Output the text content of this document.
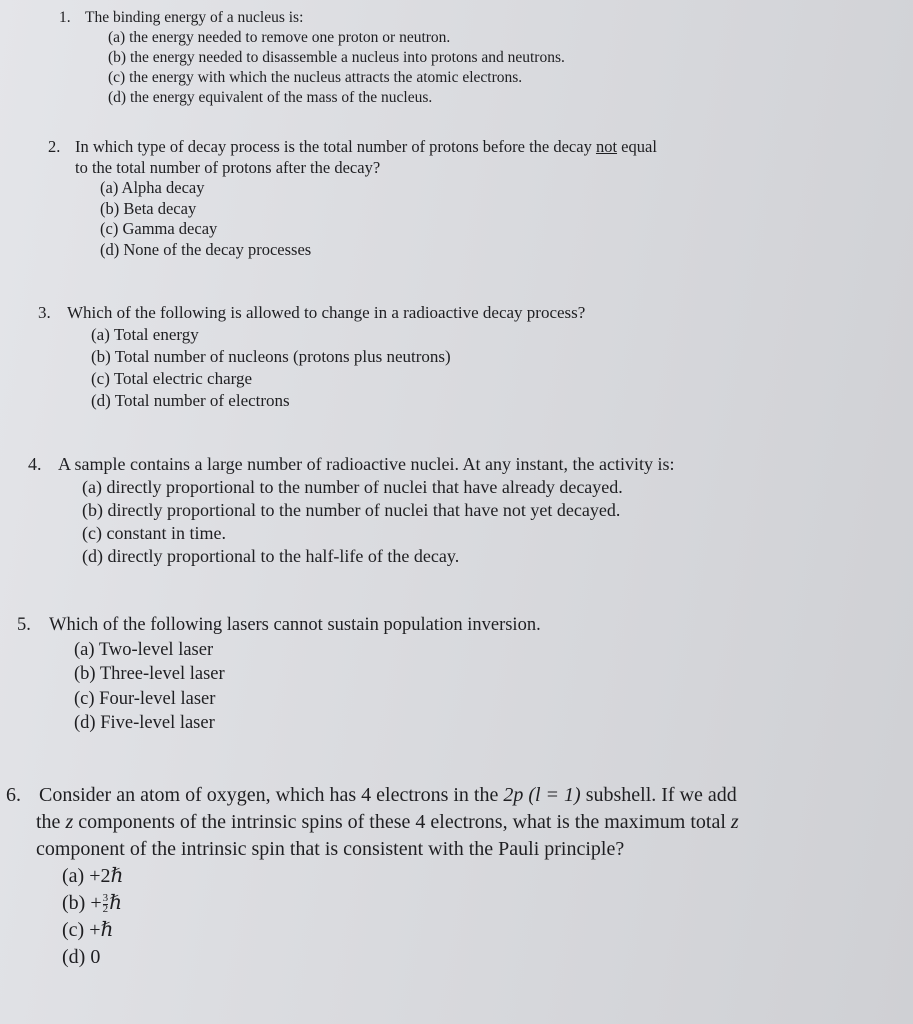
1. The binding energy of a nucleus is:
(a) the energy needed to remove one proton or neutron.
(b) the energy needed to disassemble a nucleus into protons and neutrons.
(c) the energy with which the nucleus attracts the atomic electrons.
(d) the energy equivalent of the mass of the nucleus.
2. In which type of decay process is the total number of protons before the decay not equal
to the total number of protons after the decay?
(a) Alpha decay
(b) Beta decay
(c) Gamma decay
(d) None of the decay processes
3. Which of the following is allowed to change in a radioactive decay process?
(a) Total energy
(b) Total number of nucleons (protons plus neutrons)
(c) Total electric charge
(d) Total number of electrons
4. A sample contains a large number of radioactive nuclei. At any instant, the activity is:
(a) directly proportional to the number of nuclei that have already decayed.
(b) directly proportional to the number of nuclei that have not yet decayed.
(c) constant in time.
(d) directly proportional to the half-life of the decay.
5. Which of the following lasers cannot sustain population inversion.
(a) Two-level laser
(b) Three-level laser
(c) Four-level laser
(d) Five-level laser
6. Consider an atom of oxygen, which has 4 electrons in the 2p (l = 1) subshell. If we add
the z components of the intrinsic spins of these 4 electrons, what is the maximum total z
component of the intrinsic spin that is consistent with the Pauli principle?
(a) +2ℏ
$(b) + \frac{3}{2}$ ℏ
(c) +ℏ
(d) 0
